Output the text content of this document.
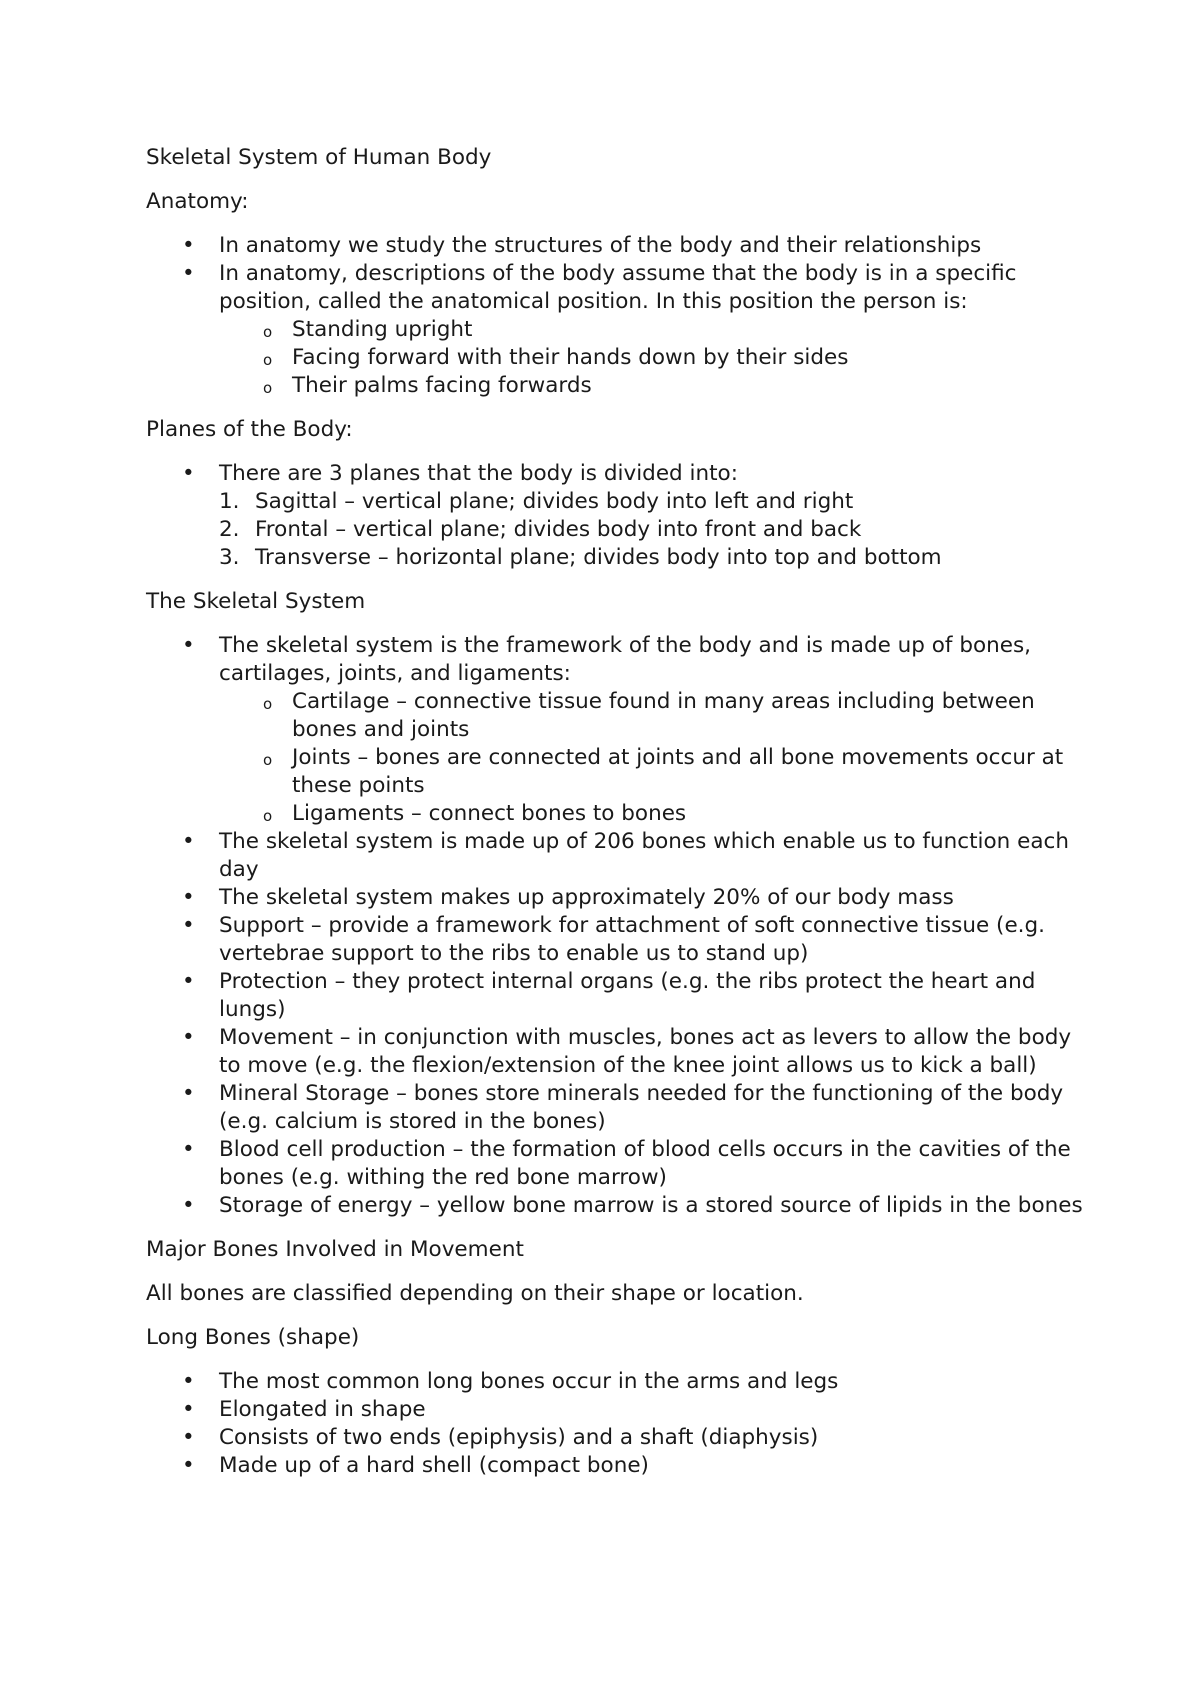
Skeletal System of Human Body
Anatomy:
• In anatomy we study the structures of the body and their relationships
• In anatomy, descriptions of the body assume that the body is in a specific position, called the anatomical position. In this position the person is:
o Standing upright
o Facing forward with their hands down by their sides
o Their palms facing forwards
Planes of the Body:
• There are 3 planes that the body is divided into:
1. Sagittal – vertical plane; divides body into left and right
2. Frontal – vertical plane; divides body into front and back
3. Transverse – horizontal plane; divides body into top and bottom
The Skeletal System
• The skeletal system is the framework of the body and is made up of bones, cartilages, joints, and ligaments:
o Cartilage – connective tissue found in many areas including between bones and joints
o Joints – bones are connected at joints and all bone movements occur at these points
o Ligaments – connect bones to bones
• The skeletal system is made up of 206 bones which enable us to function each day
• The skeletal system makes up approximately 20% of our body mass
• Support – provide a framework for attachment of soft connective tissue (e.g. vertebrae support to the ribs to enable us to stand up)
• Protection – they protect internal organs (e.g. the ribs protect the heart and lungs)
• Movement – in conjunction with muscles, bones act as levers to allow the body to move (e.g. the flexion/extension of the knee joint allows us to kick a ball)
• Mineral Storage – bones store minerals needed for the functioning of the body (e.g. calcium is stored in the bones)
• Blood cell production – the formation of blood cells occurs in the cavities of the bones (e.g. withing the red bone marrow)
• Storage of energy – yellow bone marrow is a stored source of lipids in the bones
Major Bones Involved in Movement
All bones are classified depending on their shape or location.
Long Bones (shape)
• The most common long bones occur in the arms and legs
• Elongated in shape
• Consists of two ends (epiphysis) and a shaft (diaphysis)
• Made up of a hard shell (compact bone)
